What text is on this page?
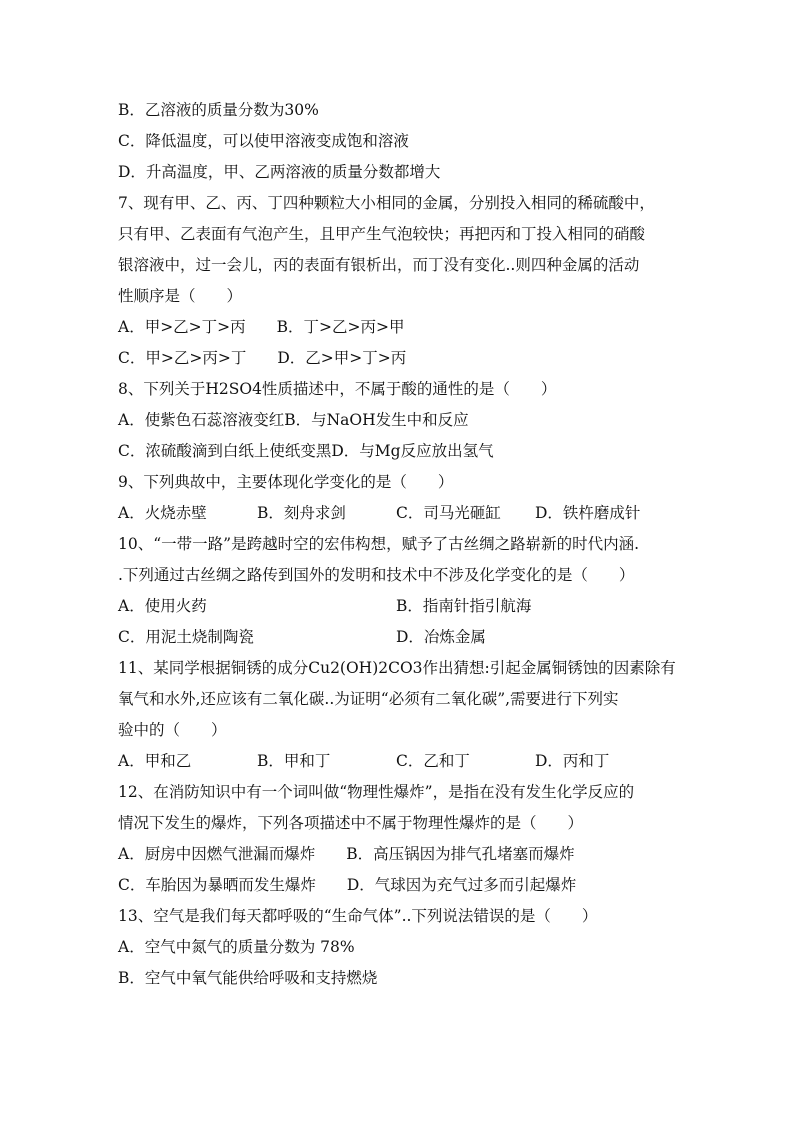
B．乙溶液的质量分数为30%
C．降低温度，可以使甲溶液变成饱和溶液
D．升高温度，甲、乙两溶液的质量分数都增大
7、现有甲、乙、丙、丁四种颗粒大小相同的金属，分别投入相同的稀硫酸中，
只有甲、乙表面有气泡产生，且甲产生气泡较快；再把丙和丁投入相同的硝酸
银溶液中，过一会儿，丙的表面有银析出，而丁没有变化..则四种金属的活动
性顺序是（　　）
A．甲>乙>丁>丙　　B．丁>乙>丙>甲
C．甲>乙>丙>丁　　D．乙>甲>丁>丙
8、下列关于H2SO4性质描述中，不属于酸的通性的是（　　）
A．使紫色石蕊溶液变红B．与NaOH发生中和反应
C．浓硫酸滴到白纸上使纸变黑D．与Mg反应放出氢气
9、下列典故中，主要体现化学变化的是（　　）
A．火烧赤壁	B．刻舟求剑	C．司马光砸缸 D．铁杵磨成针
10、“一带一路”是跨越时空的宏伟构想，赋予了古丝绸之路崭新的时代内涵.
.下列通过古丝绸之路传到国外的发明和技术中不涉及化学变化的是（　　）
A．使用火药	B．指南针指引航海
C．用泥土烧制陶瓷	D．冶炼金属
11、某同学根据铜锈的成分Cu2(OH)2CO3作出猜想:引起金属铜锈蚀的因素除有
氧气和水外,还应该有二氧化碳..为证明“必须有二氧化碳”,需要进行下列实
验中的（　　）
A．甲和乙	B．甲和丁	C．乙和丁	D．丙和丁
12、在消防知识中有一个词叫做“物理性爆炸”，是指在没有发生化学反应的
情况下发生的爆炸，下列各项描述中不属于物理性爆炸的是（　　）
A．厨房中因燃气泄漏而爆炸　　B．高压锅因为排气孔堵塞而爆炸
C．车胎因为暴晒而发生爆炸　　D．气球因为充气过多而引起爆炸
13、空气是我们每天都呼吸的“生命气体”..下列说法错误的是（　　）
A．空气中氮气的质量分数为 78%
B．空气中氧气能供给呼吸和支持燃烧
